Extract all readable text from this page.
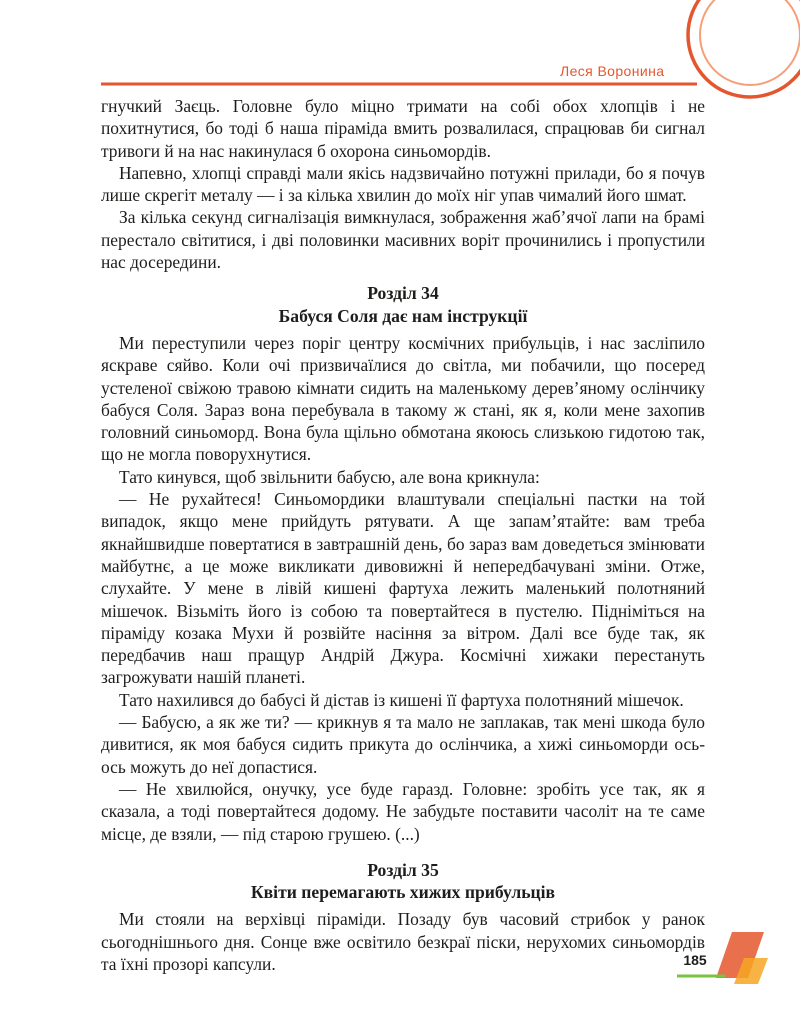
Леся Воронина

гнучкий Заєць. Головне було міцно тримати на собі обох хлопців і не похитнутися, бо тоді б наша піраміда вмить розвалилася, спрацював би сигнал тривоги й на нас накинулася б охорона синьомордів.

Напевно, хлопці справді мали якісь надзвичайно потужні прилади, бо я почув лише скрегіт металу — і за кілька хвилин до моїх ніг упав чималий його шмат.

За кілька секунд сигналізація вимкнулася, зображення жаб’ячої лапи на брамі перестало світитися, і дві половинки масивних воріт прочинились і пропустили нас досередини.

Розділ 34
Бабуся Соля дає нам інструкції

Ми переступили через поріг центру космічних прибульців, і нас засліпило яскраве сяйво. Коли очі призвичаїлися до світла, ми побачили, що посеред устеленої свіжою травою кімнати сидить на маленькому дерев’яному ослінчику бабуся Соля. Зараз вона перебувала в такому ж стані, як я, коли мене захопив головний синьоморд. Вона була щільно обмотана якоюсь слизькою гидотою так, що не могла поворухнутися.

Тато кинувся, щоб звільнити бабусю, але вона крикнула:

— Не рухайтеся! Синьомордики влаштували спеціальні пастки на той випадок, якщо мене прийдуть рятувати. А ще запам’ятайте: вам треба якнайшвидше повертатися в завтрашній день, бо зараз вам доведеться змінювати майбутнє, а це може викликати дивовижні й непередбачувані зміни. Отже, слухайте. У мене в лівій кишені фартуха лежить маленький полотняний мішечок. Візьміть його із собою та повертайтеся в пустелю. Підніміться на піраміду козака Мухи й розвійте насіння за вітром. Далі все буде так, як передбачив наш пращур Андрій Джура. Космічні хижаки перестануть загрожувати нашій планеті.

Тато нахилився до бабусі й дістав із кишені її фартуха полотняний мішечок.

— Бабусю, а як же ти? — крикнув я та мало не заплакав, так мені шкода було дивитися, як моя бабуся сидить прикута до ослінчика, а хижі синьоморди ось-ось можуть до неї допастися.

— Не хвилюйся, онучку, усе буде гаразд. Головне: зробіть усе так, як я сказала, а тоді повертайтеся додому. Не забудьте поставити часоліт на те саме місце, де взяли, — під старою грушею. (...)

Розділ 35
Квіти перемагають хижих прибульців

Ми стояли на верхівці піраміди. Позаду був часовий стрибок у ранок сьогоднішнього дня. Сонце вже освітило безкраї піски, нерухомих синьомордів та їхні прозорі капсули.	185
